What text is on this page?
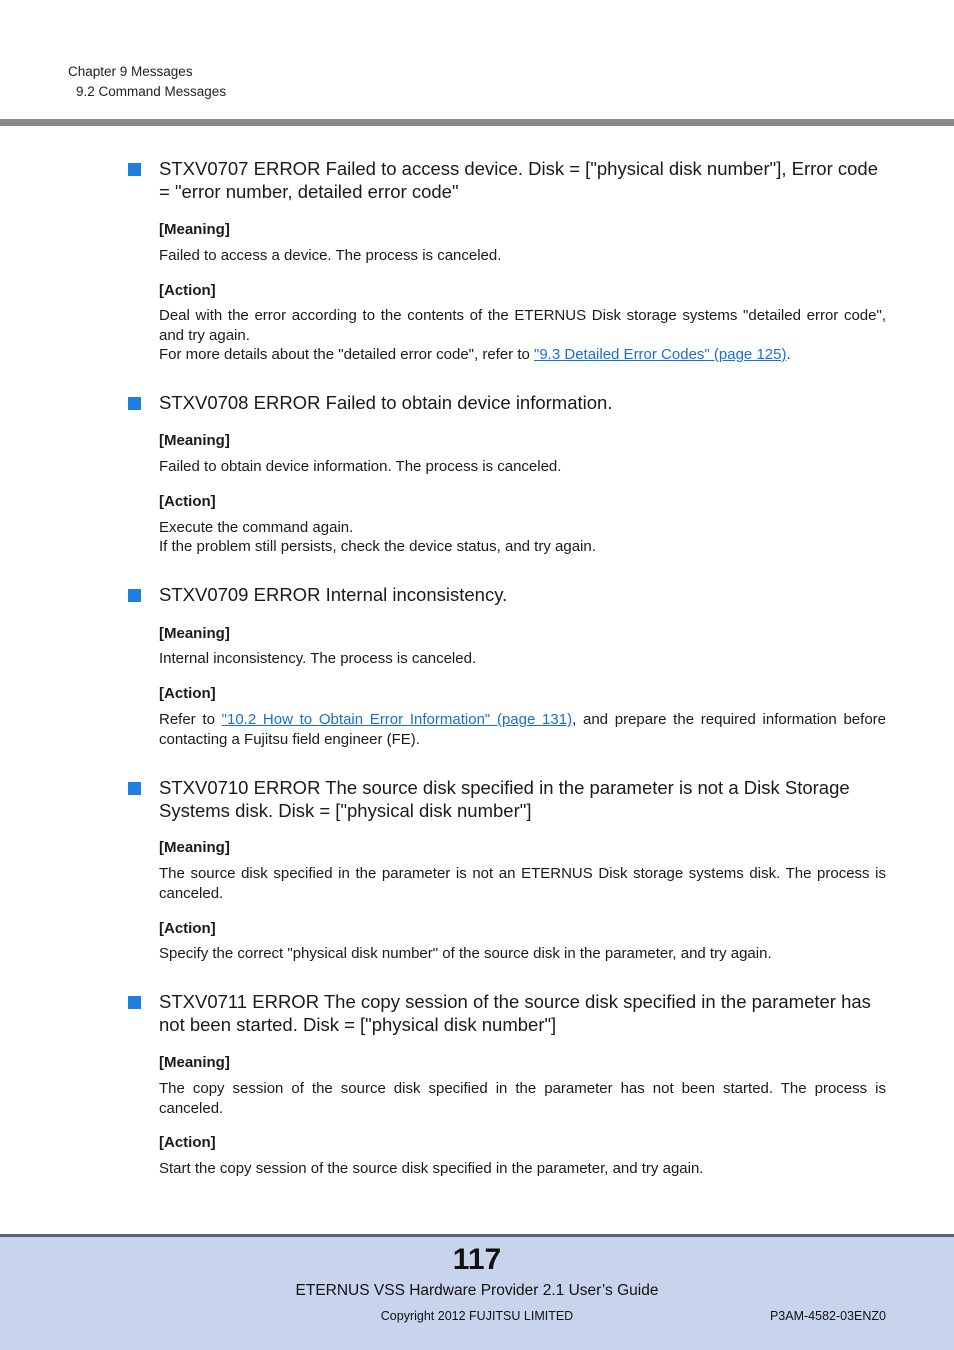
Chapter 9 Messages
9.2 Command Messages
STXV0707 ERROR Failed to access device. Disk = ["physical disk number"], Error code = "error number, detailed error code"
[Meaning]
Failed to access a device. The process is canceled.
[Action]
Deal with the error according to the contents of the ETERNUS Disk storage systems "detailed error code", and try again.
For more details about the "detailed error code", refer to "9.3 Detailed Error Codes" (page 125).
STXV0708 ERROR Failed to obtain device information.
[Meaning]
Failed to obtain device information. The process is canceled.
[Action]
Execute the command again.
If the problem still persists, check the device status, and try again.
STXV0709 ERROR Internal inconsistency.
[Meaning]
Internal inconsistency. The process is canceled.
[Action]
Refer to "10.2 How to Obtain Error Information" (page 131), and prepare the required information before contacting a Fujitsu field engineer (FE).
STXV0710 ERROR The source disk specified in the parameter is not a Disk Storage Systems disk. Disk = ["physical disk number"]
[Meaning]
The source disk specified in the parameter is not an ETERNUS Disk storage systems disk. The process is canceled.
[Action]
Specify the correct "physical disk number" of the source disk in the parameter, and try again.
STXV0711 ERROR The copy session of the source disk specified in the parameter has not been started. Disk = ["physical disk number"]
[Meaning]
The copy session of the source disk specified in the parameter has not been started. The process is canceled.
[Action]
Start the copy session of the source disk specified in the parameter, and try again.
117
ETERNUS VSS Hardware Provider 2.1 User’s Guide
Copyright 2012 FUJITSU LIMITED	P3AM-4582-03ENZ0
